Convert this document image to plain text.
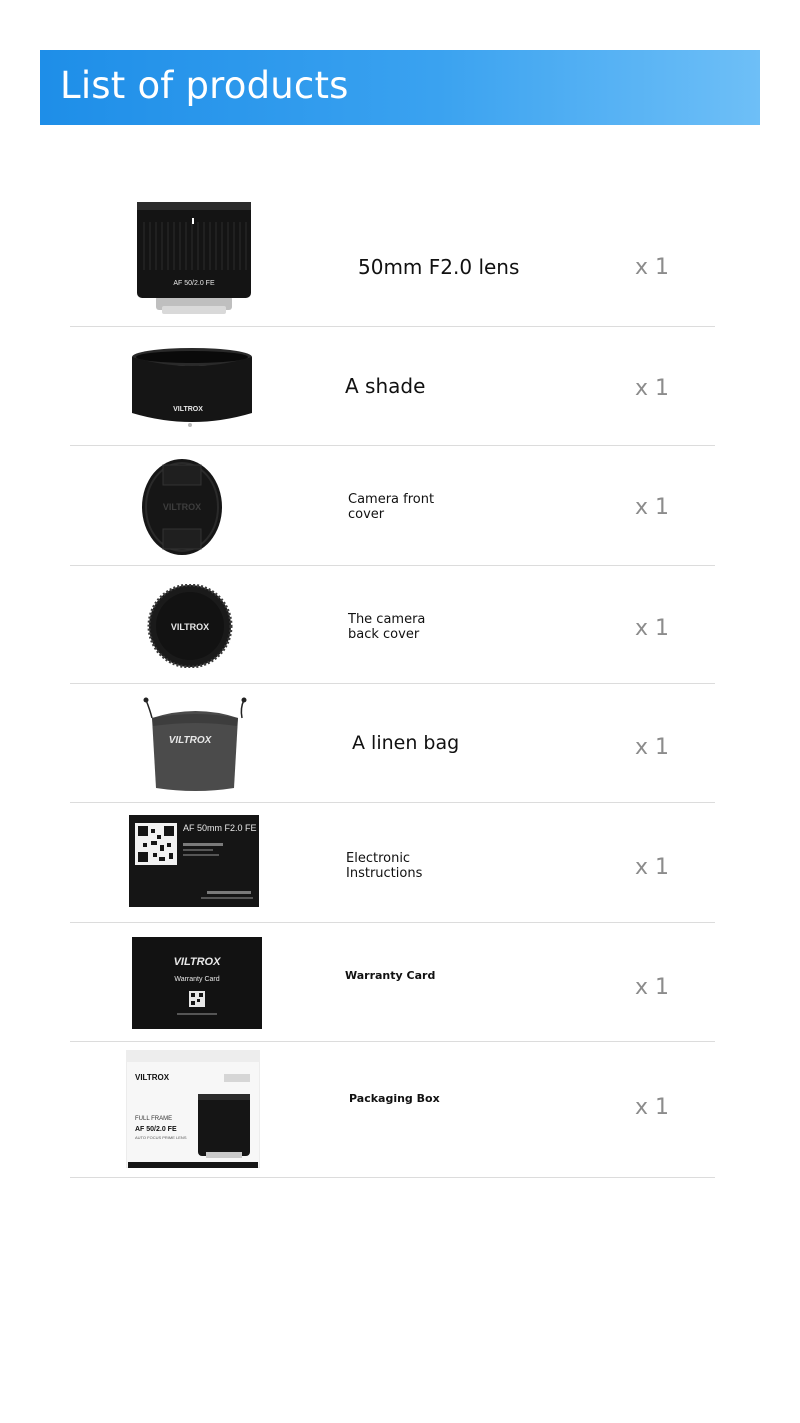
List of products
AF 50/2.0 FE
50mm F2.0 lens	x 1
VILTROX
A shade	x 1
VILTROX	Camera front cover	x 1
VILTROX	The camera back cover	x 1
VILTROX	A linen bag	x 1
AF 50mm F2.0 FE
Electronic Instructions	x 1
VILTROX
Warranty Card	Warranty Card	x 1
VILTROX
FULL FRAME
AF 50/2.0 FE
AUTO FOCUS PRIME LENS
Packaging Box	x 1
